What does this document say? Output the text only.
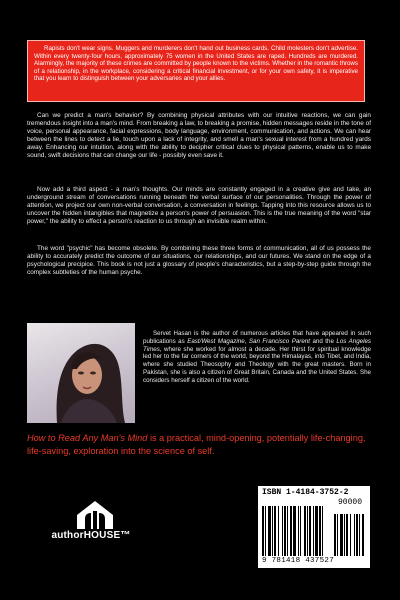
Rapists don't wear signs. Muggers and murderers don't hand out business cards. Child molesters don't advertise. Within every twenty-four hours, approximately 75 women in the United States are raped. Hundreds are murdered. Alarmingly, the majority of these crimes are committed by people known to the victims. Whether in the romantic throws of a relationship, in the workplace, considering a critical financial investment, or for your own safety, it is imperative that you learn to distinguish between your adversaries and your allies.

Can we predict a man's behavior? By combining physical attributes with our intuitive reactions, we can gain tremendous insight into a man's mind. From breaking a law, to breaking a promise, hidden messages reside in the tone of voice, personal appearance, facial expressions, body language, environment, communication, and actions. We can hear between the lines to detect a lie, touch upon a lack of integrity, and smell a man's sexual interest from a hundred yards away. Enhancing our intuition, along with the ability to decipher critical clues to physical patterns, enable us to make sound, swift decisions that can change our life - possibly even save it.

Now add a third aspect - a man's thoughts. Our minds are constantly engaged in a creative give and take, an underground stream of conversations running beneath the verbal surface of our personalities. Through the power of attention, we project our own non-verbal conversation, a conversation in feelings. Tapping into this resource allows us to uncover the hidden intangibles that magnetize a person's power of persuasion. This is the true meaning of the word "star power," the ability to effect a person's reaction to us through an invisible realm within.

The word "psychic" has become obsolete. By combining these three forms of communication, all of us possess the ability to accurately predict the outcome of our situations, our relationships, and our futures. We stand on the edge of a psychological precipice. This book is not just a glossary of people's characteristics, but a step-by-step guide through the complex subtleties of the human psyche.

Servet Hasan is the author of numerous articles that have appeared in such publications as East/West Magazine, San Francisco Parent and the Los Angeles Times, where she worked for almost a decade. Her thirst for spiritual knowledge led her to the far corners of the world, beyond the Himalayas, into Tibet, and India, where she studied Theosophy and Theology with the great masters. Born in Pakistan, she is also a citizen of Great Britain, Canada and the United States. She considers herself a citizen of the world.

How to Read Any Man's Mind is a practical, mind-opening, potentially life-changing, life-saving, exploration into the science of self.

authorHOUSE™
ISBN 1-4184-3752-2
90000
9 781418 437527
